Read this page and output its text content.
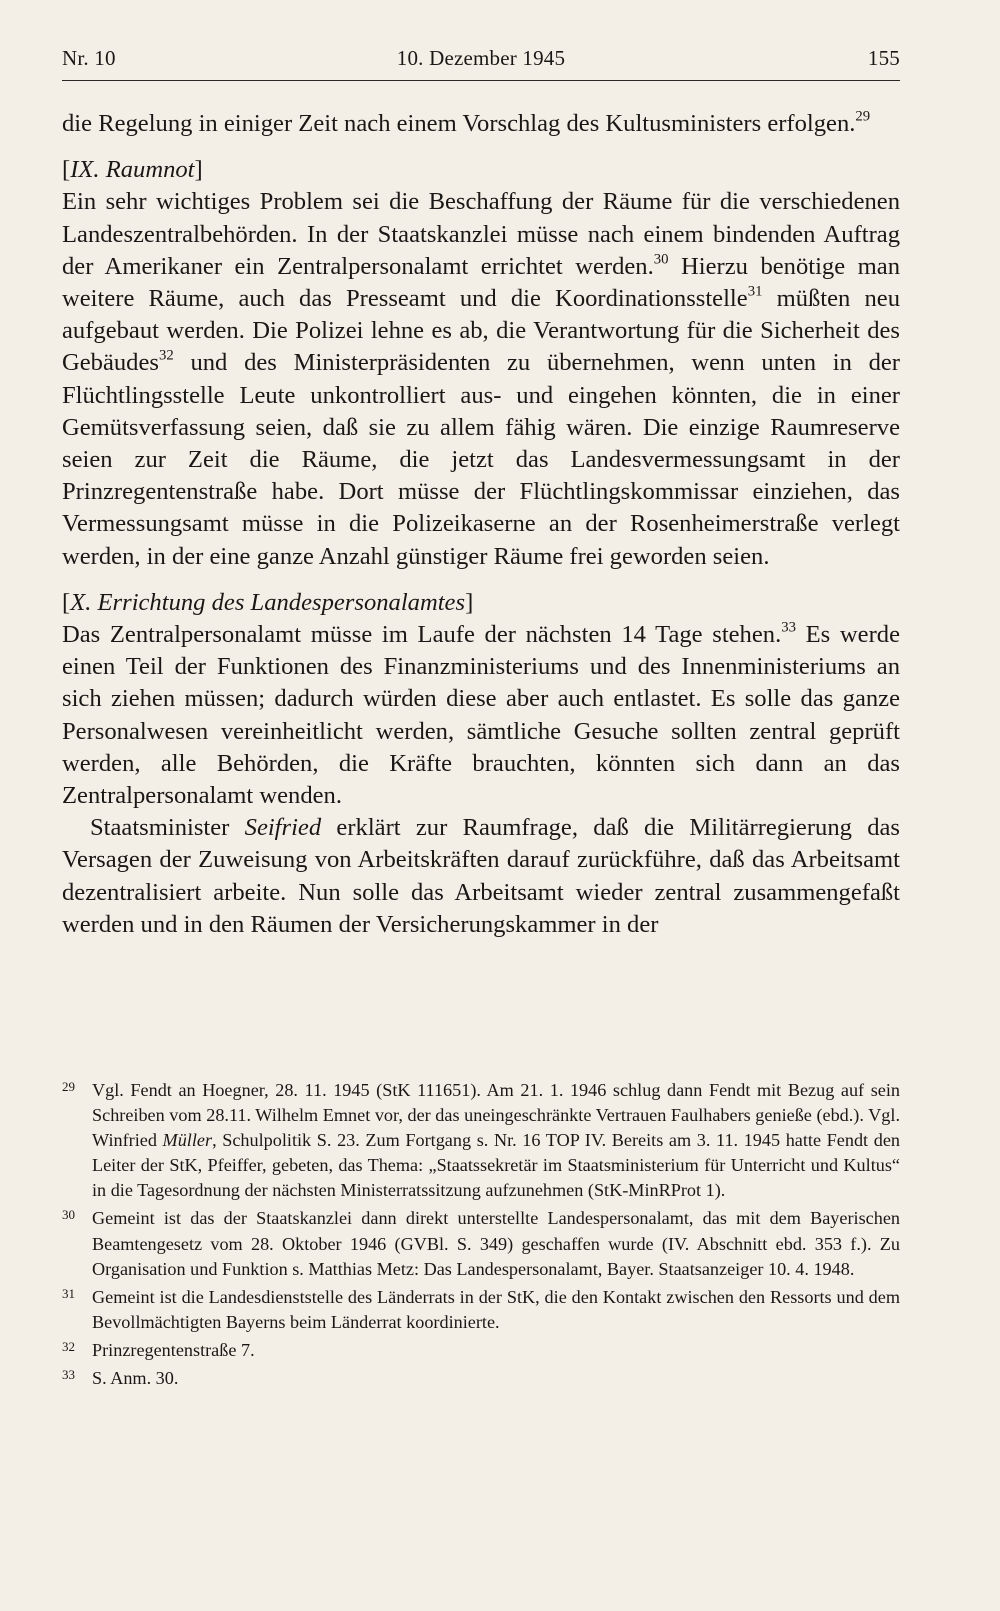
Nr. 10	10. Dezember 1945	155

die Regelung in einiger Zeit nach einem Vorschlag des Kultusministers erfolgen.$^{29}$

[IX. Raumnot]

Ein sehr wichtiges Problem sei die Beschaffung der Räume für die verschiedenen Landeszentralbehörden. In der Staatskanzlei müsse nach einem bindenden Auftrag der Amerikaner ein Zentralpersonalamt errichtet werden.$^{30}$ Hierzu benötige man weitere Räume, auch das Presseamt und die Koordinationsstelle$^{31}$ müßten neu aufgebaut werden. Die Polizei lehne es ab, die Verantwortung für die Sicherheit des Gebäudes$^{32}$ und des Ministerpräsidenten zu übernehmen, wenn unten in der Flüchtlingsstelle Leute unkontrolliert aus- und eingehen könnten, die in einer Gemütsverfassung seien, daß sie zu allem fähig wären. Die einzige Raumreserve seien zur Zeit die Räume, die jetzt das Landesvermessungsamt in der Prinzregentenstraße habe. Dort müsse der Flüchtlingskommissar einziehen, das Vermessungsamt müsse in die Polizeikaserne an der Rosenheimerstraße verlegt werden, in der eine ganze Anzahl günstiger Räume frei geworden seien.

[X. Errichtung des Landespersonalamtes]

Das Zentralpersonalamt müsse im Laufe der nächsten 14 Tage stehen.$^{33}$ Es werde einen Teil der Funktionen des Finanzministeriums und des Innenministeriums an sich ziehen müssen; dadurch würden diese aber auch entlastet. Es solle das ganze Personalwesen vereinheitlicht werden, sämtliche Gesuche sollten zentral geprüft werden, alle Behörden, die Kräfte brauchten, könnten sich dann an das Zentralpersonalamt wenden.

Staatsminister Seifried erklärt zur Raumfrage, daß die Militärregierung das Versagen der Zuweisung von Arbeitskräften darauf zurückführe, daß das Arbeitsamt dezentralisiert arbeite. Nun solle das Arbeitsamt wieder zentral zusammengefaßt werden und in den Räumen der Versicherungskammer in der

29 Vgl. Fendt an Hoegner, 28. 11. 1945 (StK 111651). Am 21. 1. 1946 schlug dann Fendt mit Bezug auf sein Schreiben vom 28.11. Wilhelm Emnet vor, der das uneingeschränkte Vertrauen Faulhabers genieße (ebd.). Vgl. Winfried Müller, Schulpolitik S. 23. Zum Fortgang s. Nr. 16 TOP IV. Bereits am 3. 11. 1945 hatte Fendt den Leiter der StK, Pfeiffer, gebeten, das Thema: „Staatssekretär im Staatsministerium für Unterricht und Kultus“ in die Tagesordnung der nächsten Ministerratssitzung aufzunehmen (StK-MinRProt 1).

30 Gemeint ist das der Staatskanzlei dann direkt unterstellte Landespersonalamt, das mit dem Bayerischen Beamtengesetz vom 28. Oktober 1946 (GVBl. S. 349) geschaffen wurde (IV. Abschnitt ebd. 353 f.). Zu Organisation und Funktion s. Matthias Metz: Das Landespersonalamt, Bayer. Staatsanzeiger 10. 4. 1948.

31 Gemeint ist die Landesdienststelle des Länderrats in der StK, die den Kontakt zwischen den Ressorts und dem Bevollmächtigten Bayerns beim Länderrat koordinierte.

32 Prinzregentenstraße 7.

33 S. Anm. 30.
